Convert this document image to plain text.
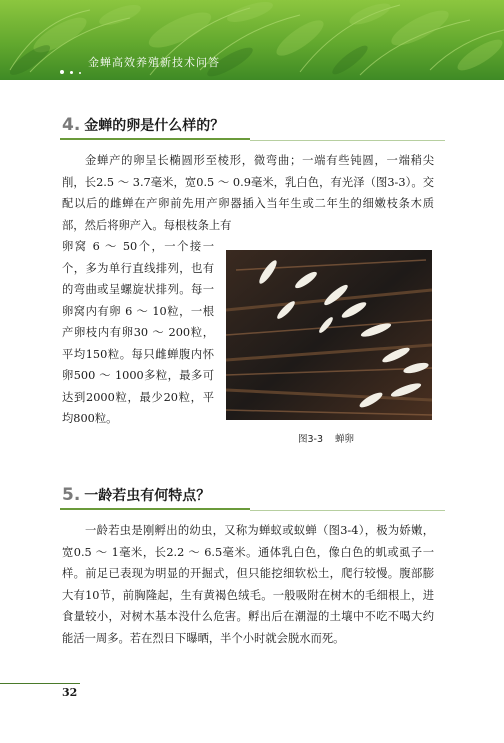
金蝉高效养殖新技术问答
4. 金蝉的卵是什么样的？
金蝉产的卵呈长椭圆形至棱形，微弯曲；一端有些钝圆，一端稍尖削，长2.5 ～ 3.7毫米，宽0.5 ～ 0.9毫米，乳白色，有光泽（图3-3）。交配以后的雌蝉在产卵前先用产卵器插入当年生或二年生的细嫩枝条木质部，然后将卵产入。每根枝条上有
卵窝 6 ～ 50个，一个接一个，多为单行直线排列，也有的弯曲或呈螺旋状排列。每一卵窝内有卵 6 ～ 10粒，一根产卵枝内有卵30 ～ 200粒，平均150粒。每只雌蝉腹内怀卵500 ～ 1000多粒，最多可达到2000粒，最少20粒，平均800粒。
图3-3 蝉卵
5. 一龄若虫有何特点？
一龄若虫是刚孵出的幼虫，又称为蝉蚁或蚁蝉（图3-4），极为娇嫩，宽0.5 ～ 1毫米，长2.2 ～ 6.5毫米。通体乳白色，像白色的虮或虱子一样。前足已表现为明显的开掘式，但只能挖细软松土，爬行较慢。腹部膨大有10节，前胸隆起，生有黄褐色绒毛。一般吸附在树木的毛细根上，进食量较小，对树木基本没什么危害。孵出后在潮湿的土壤中不吃不喝大约能活一周多。若在烈日下曝晒，半个小时就会脱水而死。
32
